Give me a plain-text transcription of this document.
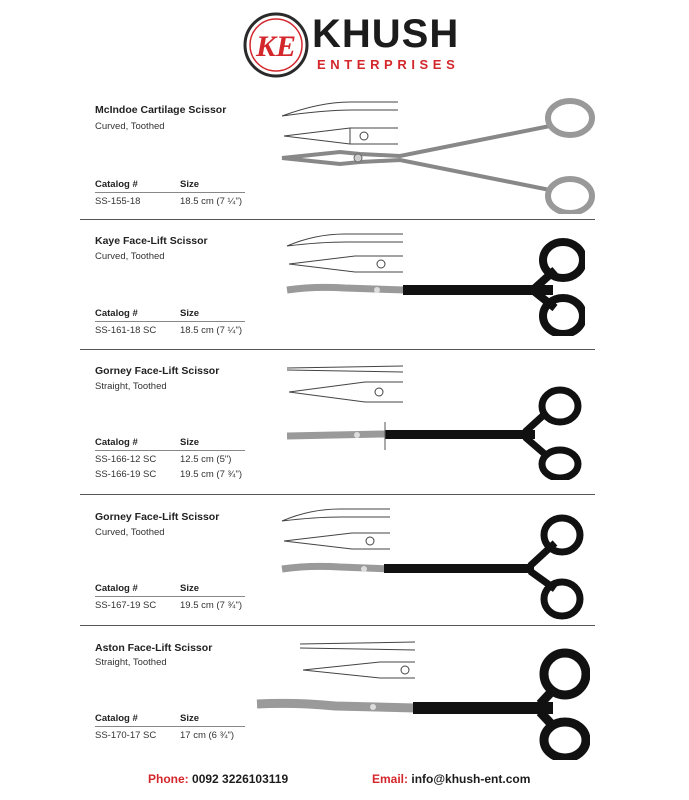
KE KHUSH
ENTERPRISES
McIndoe Cartilage Scissor
Curved, Toothed
Catalog #	Size
SS-155-18	18.5 cm (7 ¼")
Kaye Face-Lift Scissor
Curved, Toothed
Catalog #	Size
SS-161-18 SC 18.5 cm (7 ¼")
Gorney Face-Lift Scissor
Straight, Toothed
Catalog #	Size
SS-166-12 SC 12.5 cm (5")
SS-166-19 SC 19.5 cm (7 ¾")
Gorney Face-Lift Scissor
Curved, Toothed
Catalog #	Size
SS-167-19 SC 19.5 cm (7 ¾")
Aston Face-Lift Scissor
Straight, Toothed
Catalog #	Size
SS-170-17 SC 17 cm (6 ¾")
Phone: 0092 3226103119	Email: info@khush-ent.com
